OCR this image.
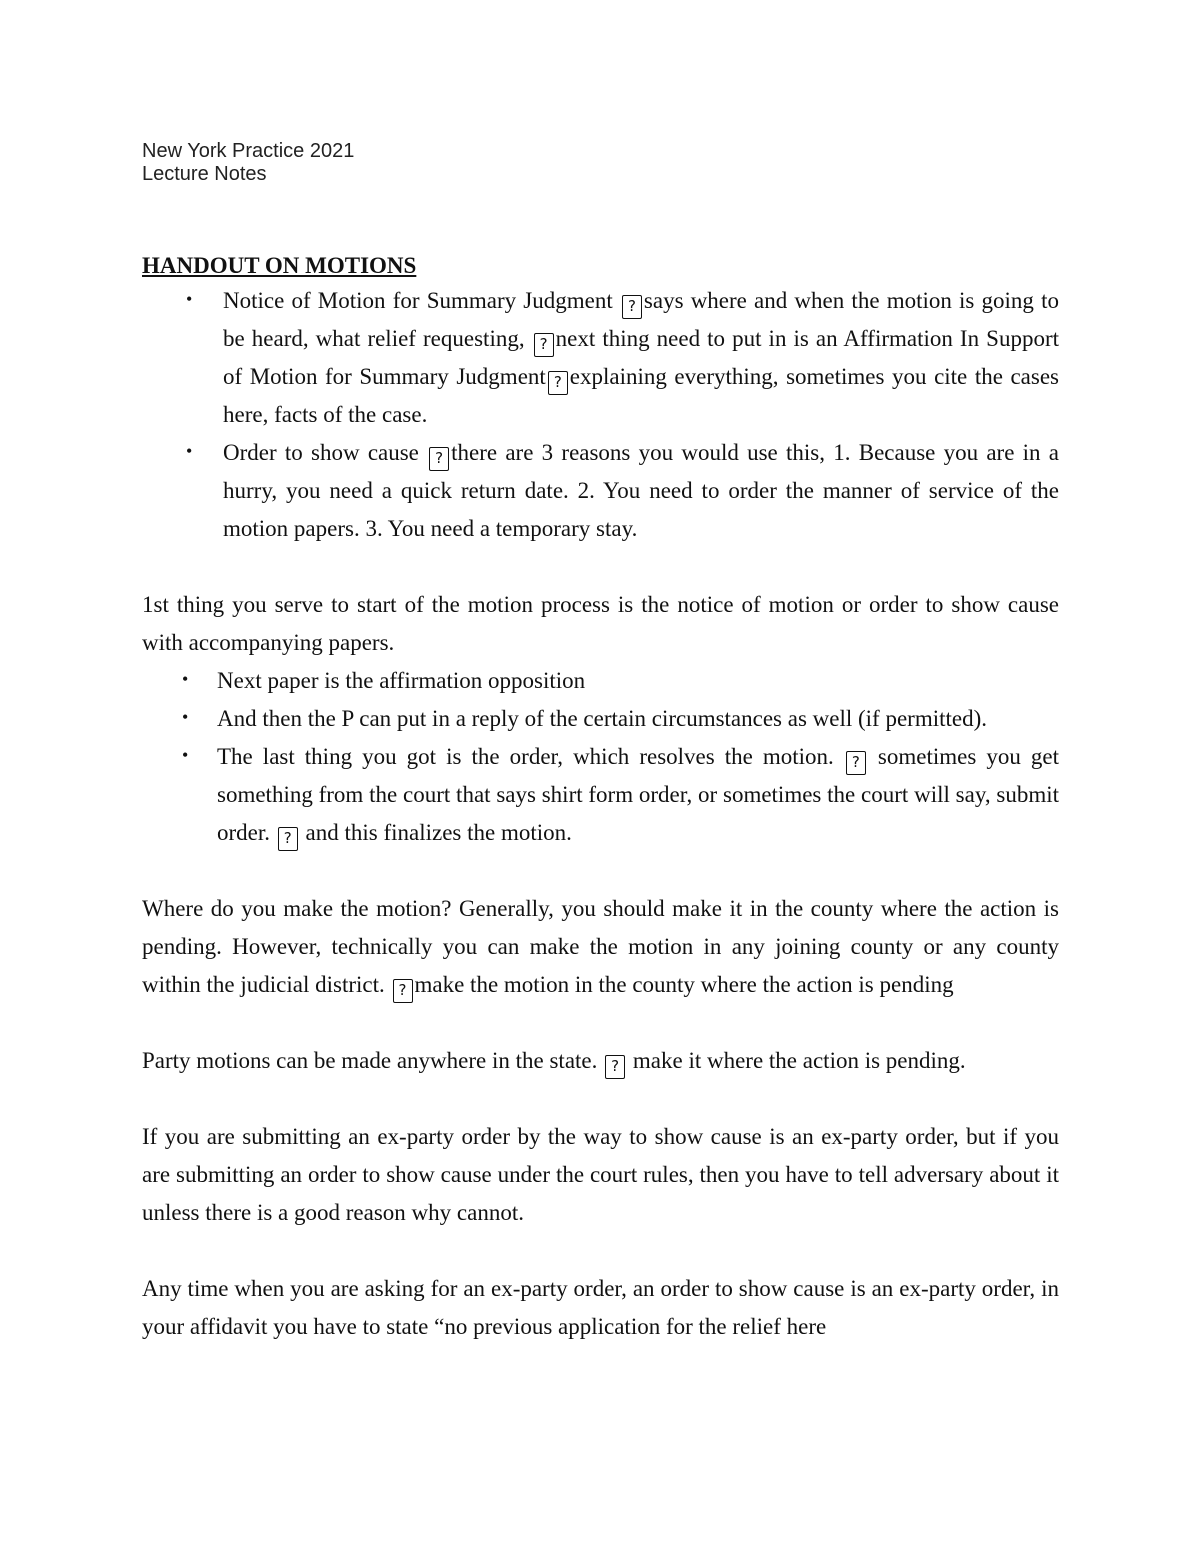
New York Practice 2021
Lecture Notes
HANDOUT ON MOTIONS
• Notice of Motion for Summary Judgment ? says where and when the motion is going to be heard, what relief requesting, ? next thing need to put in is an Affirmation In Support of Motion for Summary Judgment ? explaining everything, sometimes you cite the cases here, facts of the case.
• Order to show cause ? there are 3 reasons you would use this, 1. Because you are in a hurry, you need a quick return date. 2. You need to order the manner of service of the motion papers. 3. You need a temporary stay.

1st thing you serve to start of the motion process is the notice of motion or order to show cause with accompanying papers.

• Next paper is the affirmation opposition
• And then the P can put in a reply of the certain circumstances as well (if permitted).
• The last thing you got is the order, which resolves the motion. ? sometimes you get something from the court that says shirt form order, or sometimes the court will say, submit order. ? and this finalizes the motion.

Where do you make the motion? Generally, you should make it in the county where the action is pending. However, technically you can make the motion in any joining county or any county within the judicial district. ? make the motion in the county where the action is pending

Party motions can be made anywhere in the state. ? make it where the action is pending.

If you are submitting an ex-party order by the way to show cause is an ex-party order, but if you are submitting an order to show cause under the court rules, then you have to tell adversary about it unless there is a good reason why cannot.

Any time when you are asking for an ex-party order, an order to show cause is an ex-party order, in your affidavit you have to state “no previous application for the relief here
